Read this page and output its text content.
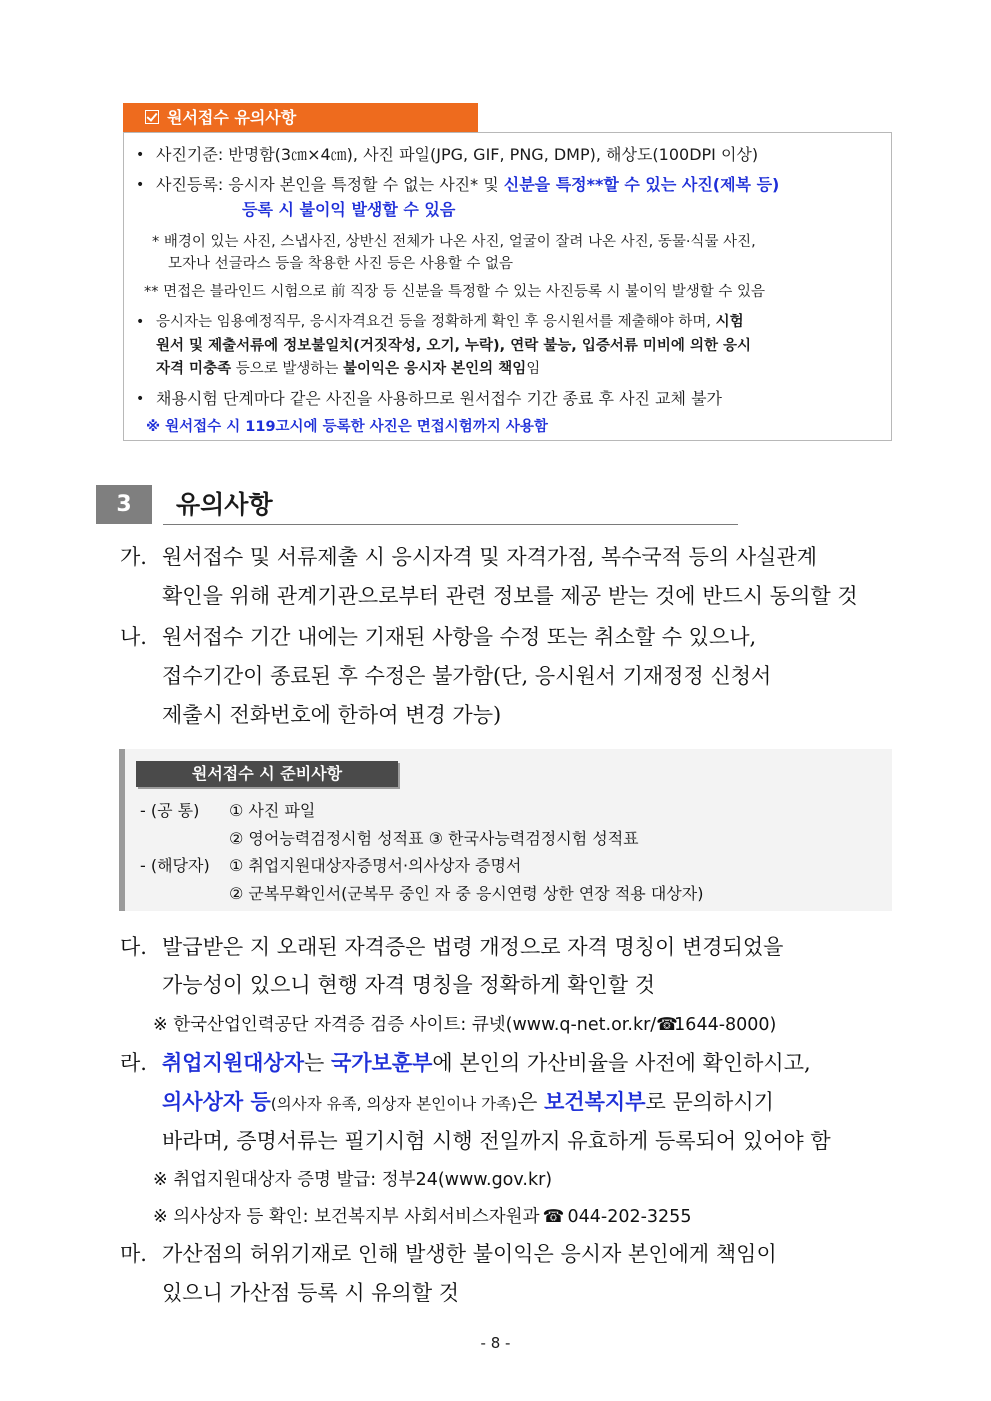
원서접수 유의사항
• 사진기준: 반명함(3㎝×4㎝), 사진 파일(JPG, GIF, PNG, DMP), 해상도(100DPI 이상)
• 사진등록: 응시자 본인을 특정할 수 없는 사진* 및 신분을 특정**할 수 있는 사진(제복 등)
등록 시 불이익 발생할 수 있음
* 배경이 있는 사진, 스냅사진, 상반신 전체가 나온 사진, 얼굴이 잘려 나온 사진, 동물·식물 사진,
모자나 선글라스 등을 착용한 사진 등은 사용할 수 없음
** 면접은 블라인드 시험으로 前 직장 등 신분을 특정할 수 있는 사진등록 시 불이익 발생할 수 있음
• 응시자는 임용예정직무, 응시자격요건 등을 정확하게 확인 후 응시원서를 제출해야 하며, 시험
원서 및 제출서류에 정보불일치(거짓작성, 오기, 누락), 연락 불능, 입증서류 미비에 의한 응시
자격 미충족 등으로 발생하는 불이익은 응시자 본인의 책임임
• 채용시험 단계마다 같은 사진을 사용하므로 원서접수 기간 종료 후 사진 교체 불가
※ 원서접수 시 119고시에 등록한 사진은 면접시험까지 사용함
3	유의사항
가. 원서접수 및 서류제출 시 응시자격 및 자격가점, 복수국적 등의 사실관계
확인을 위해 관계기관으로부터 관련 정보를 제공 받는 것에 반드시 동의할 것
나. 원서접수 기간 내에는 기재된 사항을 수정 또는 취소할 수 있으나,
접수기간이 종료된 후 수정은 불가함(단, 응시원서 기재정정 신청서
제출시 전화번호에 한하여 변경 가능)
원서접수 시 준비사항
- (공 통) ① 사진 파일
② 영어능력검정시험 성적표 ③ 한국사능력검정시험 성적표
- (해당자) ① 취업지원대상자증명서·의사상자 증명서
② 군복무확인서(군복무 중인 자 중 응시연령 상한 연장 적용 대상자)
다. 발급받은 지 오래된 자격증은 법령 개정으로 자격 명칭이 변경되었을
가능성이 있으니 현행 자격 명칭을 정확하게 확인할 것
※ 한국산업인력공단 자격증 검증 사이트: 큐넷(www.q-net.or.kr/☎1644-8000)
라. 취업지원대상자는 국가보훈부에 본인의 가산비율을 사전에 확인하시고,
의사상자 등(의사자 유족, 의상자 본인이나 가족)은 보건복지부로 문의하시기
바라며, 증명서류는 필기시험 시행 전일까지 유효하게 등록되어 있어야 함
※ 취업지원대상자 증명 발급: 정부24(www.gov.kr)
※ 의사상자 등 확인: 보건복지부 사회서비스자원과 ☎ 044-202-3255
마. 가산점의 허위기재로 인해 발생한 불이익은 응시자 본인에게 책임이
있으니 가산점 등록 시 유의할 것
- 8 -
